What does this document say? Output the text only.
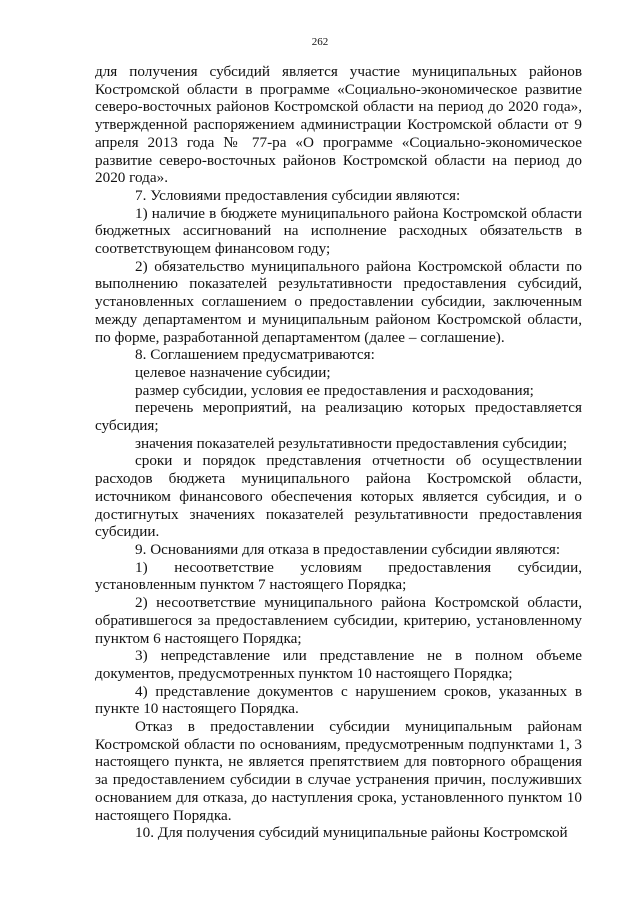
262

для получения субсидий является участие муниципальных районов Костромской области в программе «Социально-экономическое развитие северо-восточных районов Костромской области на период до 2020 года», утвержденной распоряжением администрации Костромской области от 9 апреля 2013 года № 77-ра «О программе «Социально-экономическое развитие северо-восточных районов Костромской области на период до 2020 года».

7. Условиями предоставления субсидии являются:

1) наличие в бюджете муниципального района Костромской области бюджетных ассигнований на исполнение расходных обязательств в соответствующем финансовом году;

2) обязательство муниципального района Костромской области по выполнению показателей результативности предоставления субсидий, установленных соглашением о предоставлении субсидии, заключенным между департаментом и муниципальным районом Костромской области, по форме, разработанной департаментом (далее – соглашение).

8. Соглашением предусматриваются:

целевое назначение субсидии;

размер субсидии, условия ее предоставления и расходования;

перечень мероприятий, на реализацию которых предоставляется субсидия;

значения показателей результативности предоставления субсидии;

сроки и порядок представления отчетности об осуществлении расходов бюджета муниципального района Костромской области, источником финансового обеспечения которых является субсидия, и о достигнутых значениях показателей результативности предоставления субсидии.

9. Основаниями для отказа в предоставлении субсидии являются:

1) несоответствие условиям предоставления субсидии, установленным пунктом 7 настоящего Порядка;

2) несоответствие муниципального района Костромской области, обратившегося за предоставлением субсидии, критерию, установленному пунктом 6 настоящего Порядка;

3) непредставление или представление не в полном объеме документов, предусмотренных пунктом 10 настоящего Порядка;

4) представление документов с нарушением сроков, указанных в пункте 10 настоящего Порядка.

Отказ в предоставлении субсидии муниципальным районам Костромской области по основаниям, предусмотренным подпунктами 1, 3 настоящего пункта, не является препятствием для повторного обращения за предоставлением субсидии в случае устранения причин, послуживших основанием для отказа, до наступления срока, установленного пунктом 10 настоящего Порядка.

10. Для получения субсидий муниципальные районы Костромской
